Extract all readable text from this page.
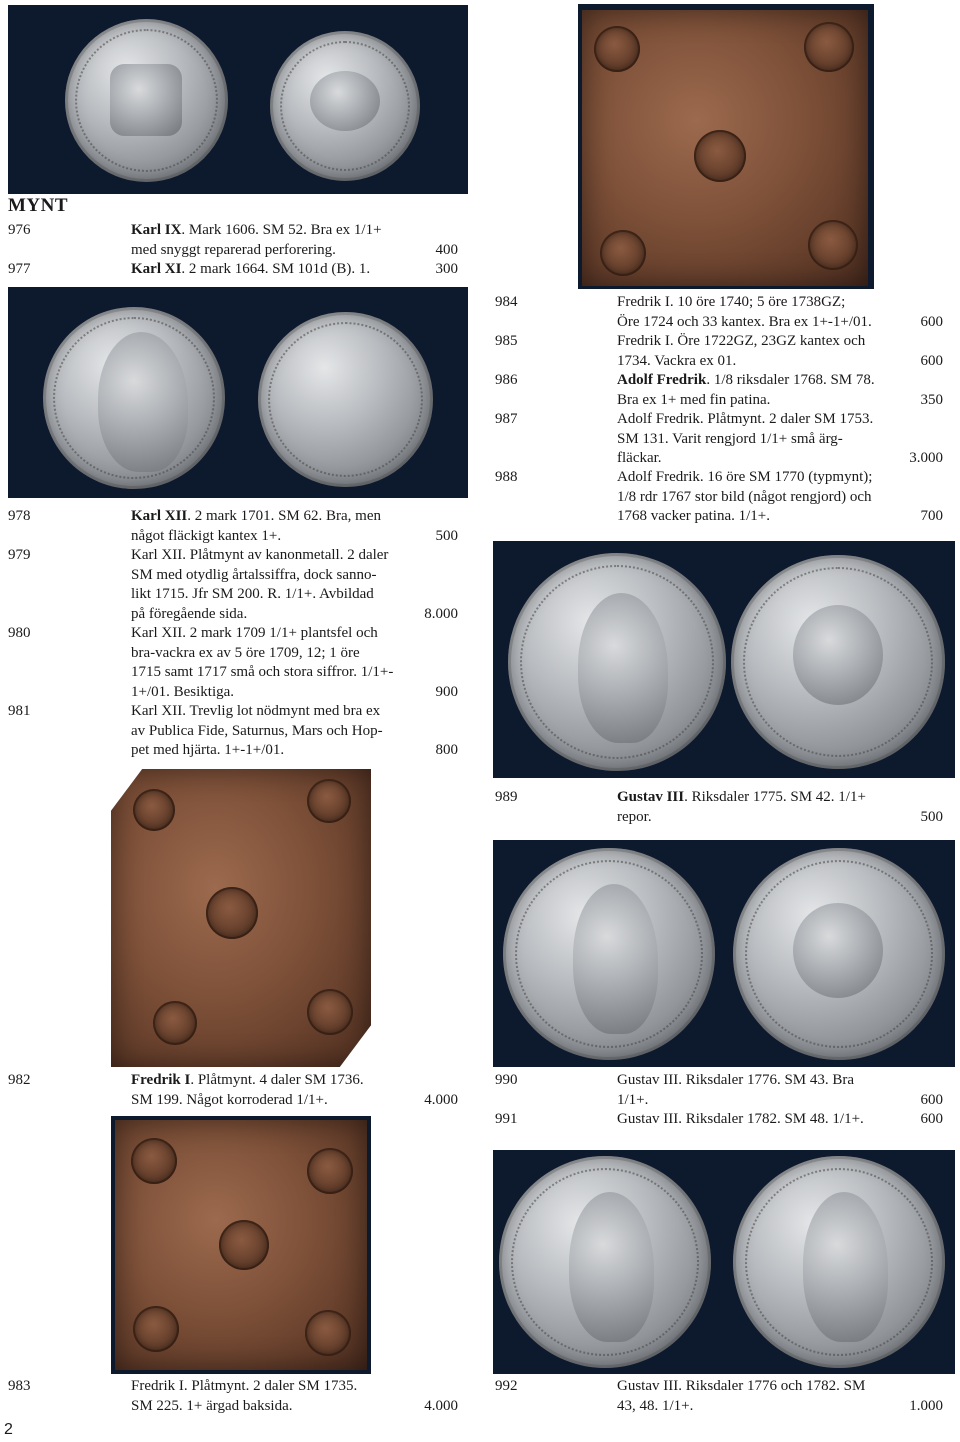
MYNT
976	Karl IX. Mark 1606. SM 52. Bra ex 1/1+
med snyggt reparerad perforering.	400
977	Karl XI. 2 mark 1664. SM 101d (B). 1.	300
978	Karl XII. 2 mark 1701. SM 62. Bra, men
något fläckigt kantex 1+.	500
979	Karl XII. Plåtmynt av kanonmetall. 2 daler
SM med otydlig årtalssiffra, dock sanno-
likt 1715. Jfr SM 200. R. 1/1+. Avbildad
på föregående sida.	8.000
980	Karl XII. 2 mark 1709 1/1+ plantsfel och
bra-vackra ex av 5 öre 1709, 12; 1 öre
1715 samt 1717 små och stora siffror. 1/1+-
1+/01. Besiktiga.	900
981	Karl XII. Trevlig lot nödmynt med bra ex
av Publica Fide, Saturnus, Mars och Hop-
pet med hjärta. 1+-1+/01.	800
982	Fredrik I. Plåtmynt. 4 daler SM 1736.
SM 199. Något korroderad 1/1+.	4.000
983	Fredrik I. Plåtmynt. 2 daler SM 1735.
SM 225. 1+ ärgad baksida.	4.000
984	Fredrik I. 10 öre 1740; 5 öre 1738GZ;
Öre 1724 och 33 kantex. Bra ex 1+-1+/01.	600
985	Fredrik I. Öre 1722GZ, 23GZ kantex och
1734. Vackra ex 01.	600
986	Adolf Fredrik. 1/8 riksdaler 1768. SM 78.
Bra ex 1+ med fin patina.	350
987	Adolf Fredrik. Plåtmynt. 2 daler SM 1753.
SM 131. Varit rengjord 1/1+ små ärg-
fläckar.	3.000
988	Adolf Fredrik. 16 öre SM 1770 (typmynt);
1/8 rdr 1767 stor bild (något rengjord) och
1768 vacker patina. 1/1+.	700
989	Gustav III. Riksdaler 1775. SM 42. 1/1+
repor.	500
990	Gustav III. Riksdaler 1776. SM 43. Bra
1/1+.	600
991	Gustav III. Riksdaler 1782. SM 48. 1/1+.	600
992	Gustav III. Riksdaler 1776 och 1782. SM
43, 48. 1/1+.	1.000
2
